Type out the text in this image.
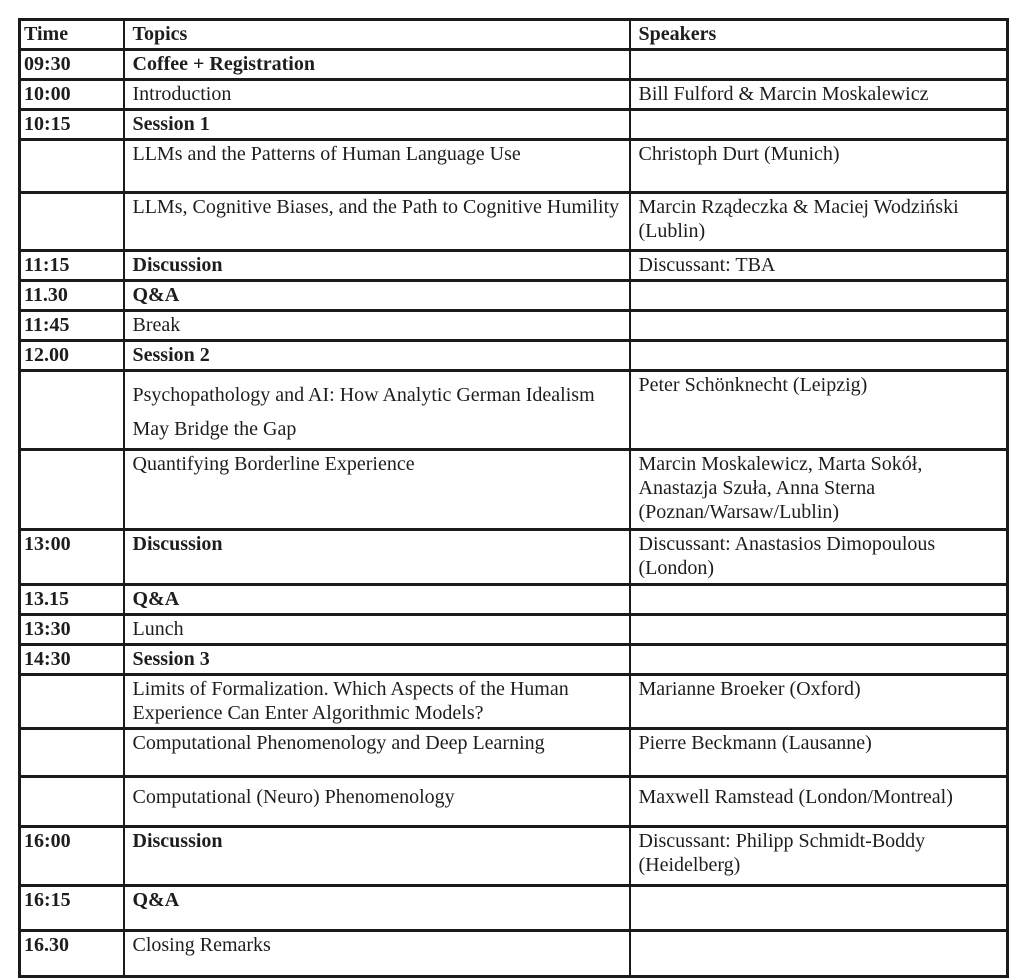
Time	Topics	Speakers
09:30	Coffee + Registration	
10:00	Introduction	Bill Fulford & Marcin Moskalewicz
10:15	Session 1	
	LLMs and the Patterns of Human Language Use	Christoph Durt (Munich)
	LLMs, Cognitive Biases, and the Path to Cognitive Humility	Marcin Rządeczka & Maciej Wodziński (Lublin)
11:15	Discussion	Discussant: TBA
11.30	Q&A	
11:45	Break	
12.00	Session 2	
	Psychopathology and AI: How Analytic German Idealism May Bridge the Gap	Peter Schönknecht (Leipzig)
	Quantifying Borderline Experience	Marcin Moskalewicz, Marta Sokół, Anastazja Szuła, Anna Sterna (Poznan/Warsaw/Lublin)
13:00	Discussion	Discussant: Anastasios Dimopoulous (London)
13.15	Q&A	
13:30	Lunch	
14:30	Session 3	
	Limits of Formalization. Which Aspects of the Human Experience Can Enter Algorithmic Models?	Marianne Broeker (Oxford)
	Computational Phenomenology and Deep Learning	Pierre Beckmann (Lausanne)
	Computational (Neuro) Phenomenology	Maxwell Ramstead (London/Montreal)
16:00	Discussion	Discussant: Philipp Schmidt-Boddy (Heidelberg)
16:15	Q&A	
16.30	Closing Remarks	
